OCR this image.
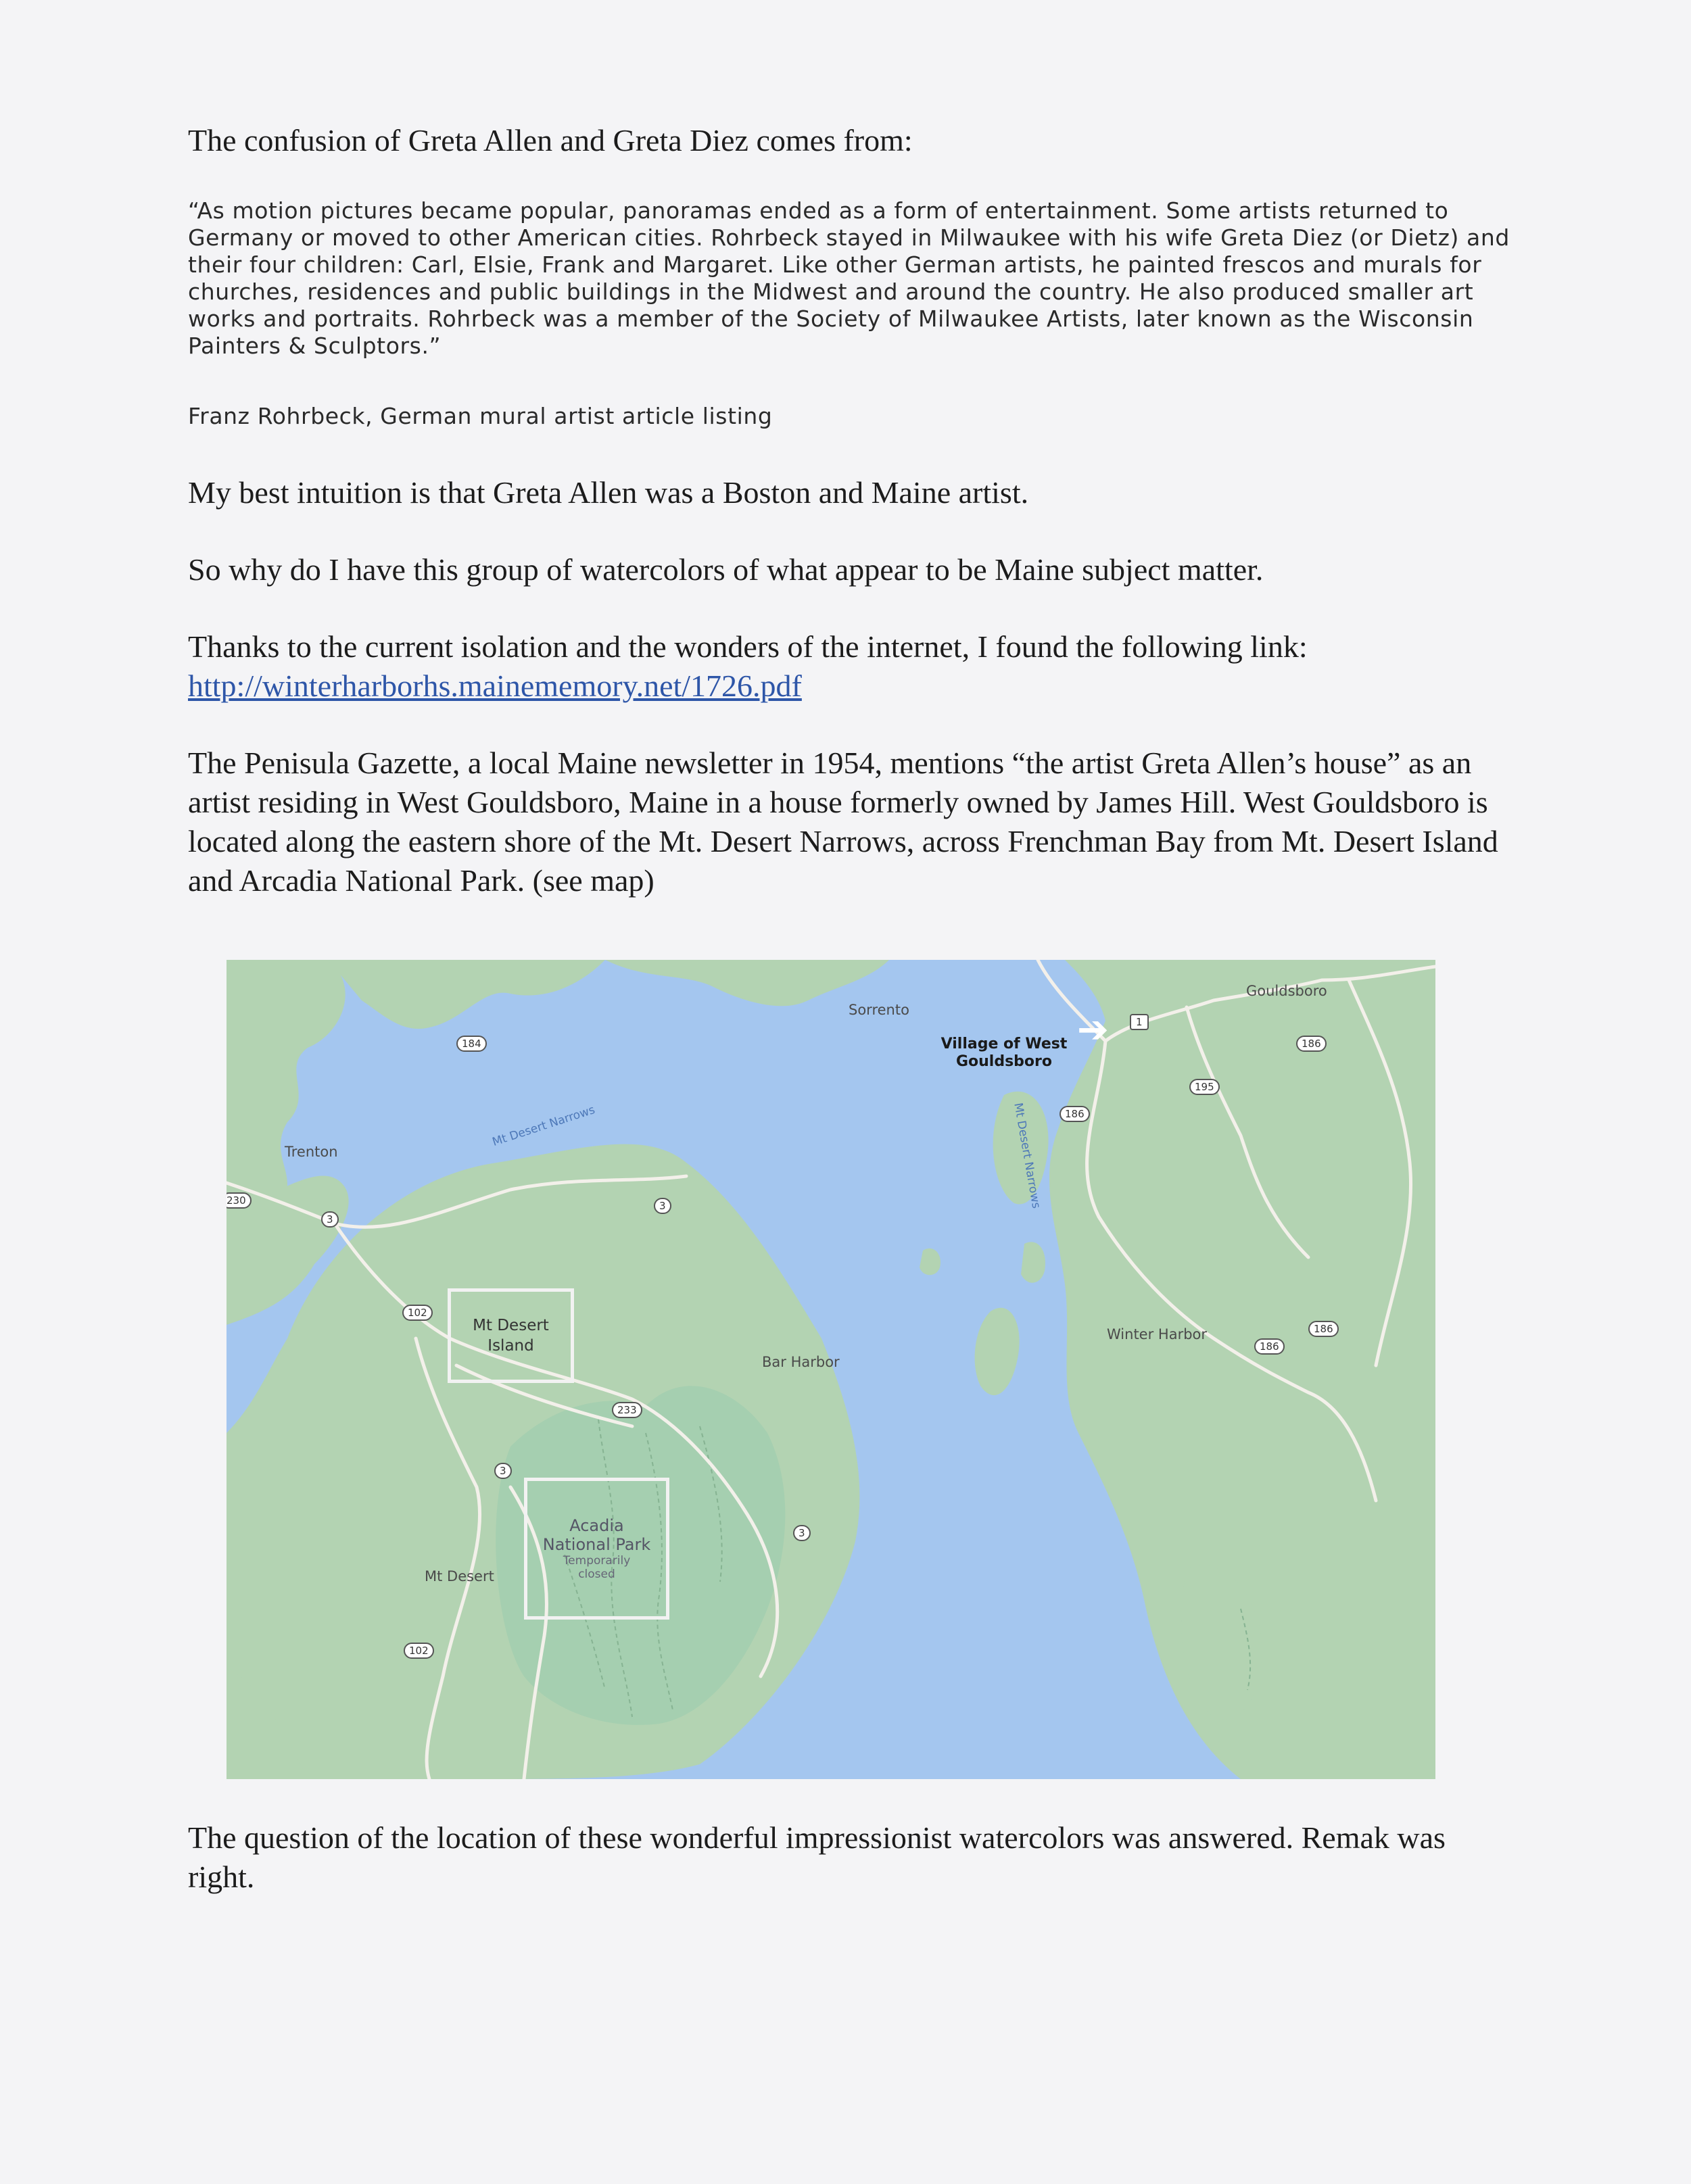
The confusion of Greta Allen and Greta Diez comes from:
“As motion pictures became popular, panoramas ended as a form of entertainment. Some artists returned to Germany or moved to other American cities. Rohrbeck stayed in Milwaukee with his wife Greta Diez (or Dietz) and their four children: Carl, Elsie, Frank and Margaret. Like other German artists, he painted frescos and murals for churches, residences and public buildings in the Midwest and around the country. He also produced smaller art works and portraits. Rohrbeck was a member of the Society of Milwaukee Artists, later known as the Wisconsin Painters & Sculptors.”
Franz Rohrbeck, German mural artist article listing
My best intuition is that Greta Allen was a Boston and Maine artist.
So why do I have this group of watercolors of what appear to be Maine subject matter.
Thanks to the current isolation and the wonders of the internet, I found the following link:
http://winterharborhs.mainememory.net/1726.pdf
The Penisula Gazette, a local Maine newsletter in 1954, mentions “the artist Greta Allen’s house” as an artist residing in West Gouldsboro, Maine in a house formerly owned by James Hill. West Gouldsboro is located along the eastern shore of the Mt. Desert Narrows, across Frenchman Bay from Mt. Desert Island and Arcadia National Park. (see map)
Trenton
Sorrento
Gouldsboro
Bar Harbor
Winter Harbor
Mt Desert
Village of West Gouldsboro
➔
Mt Desert Narrows	Mt Desert Narrows
Mt Desert Island
Acadia National Park
Temporarily closed
184
230
3
3
102
233
3
3
102
1
186
195
186
186
186
The question of the location of these wonderful impressionist watercolors was answered. Remak was right.
